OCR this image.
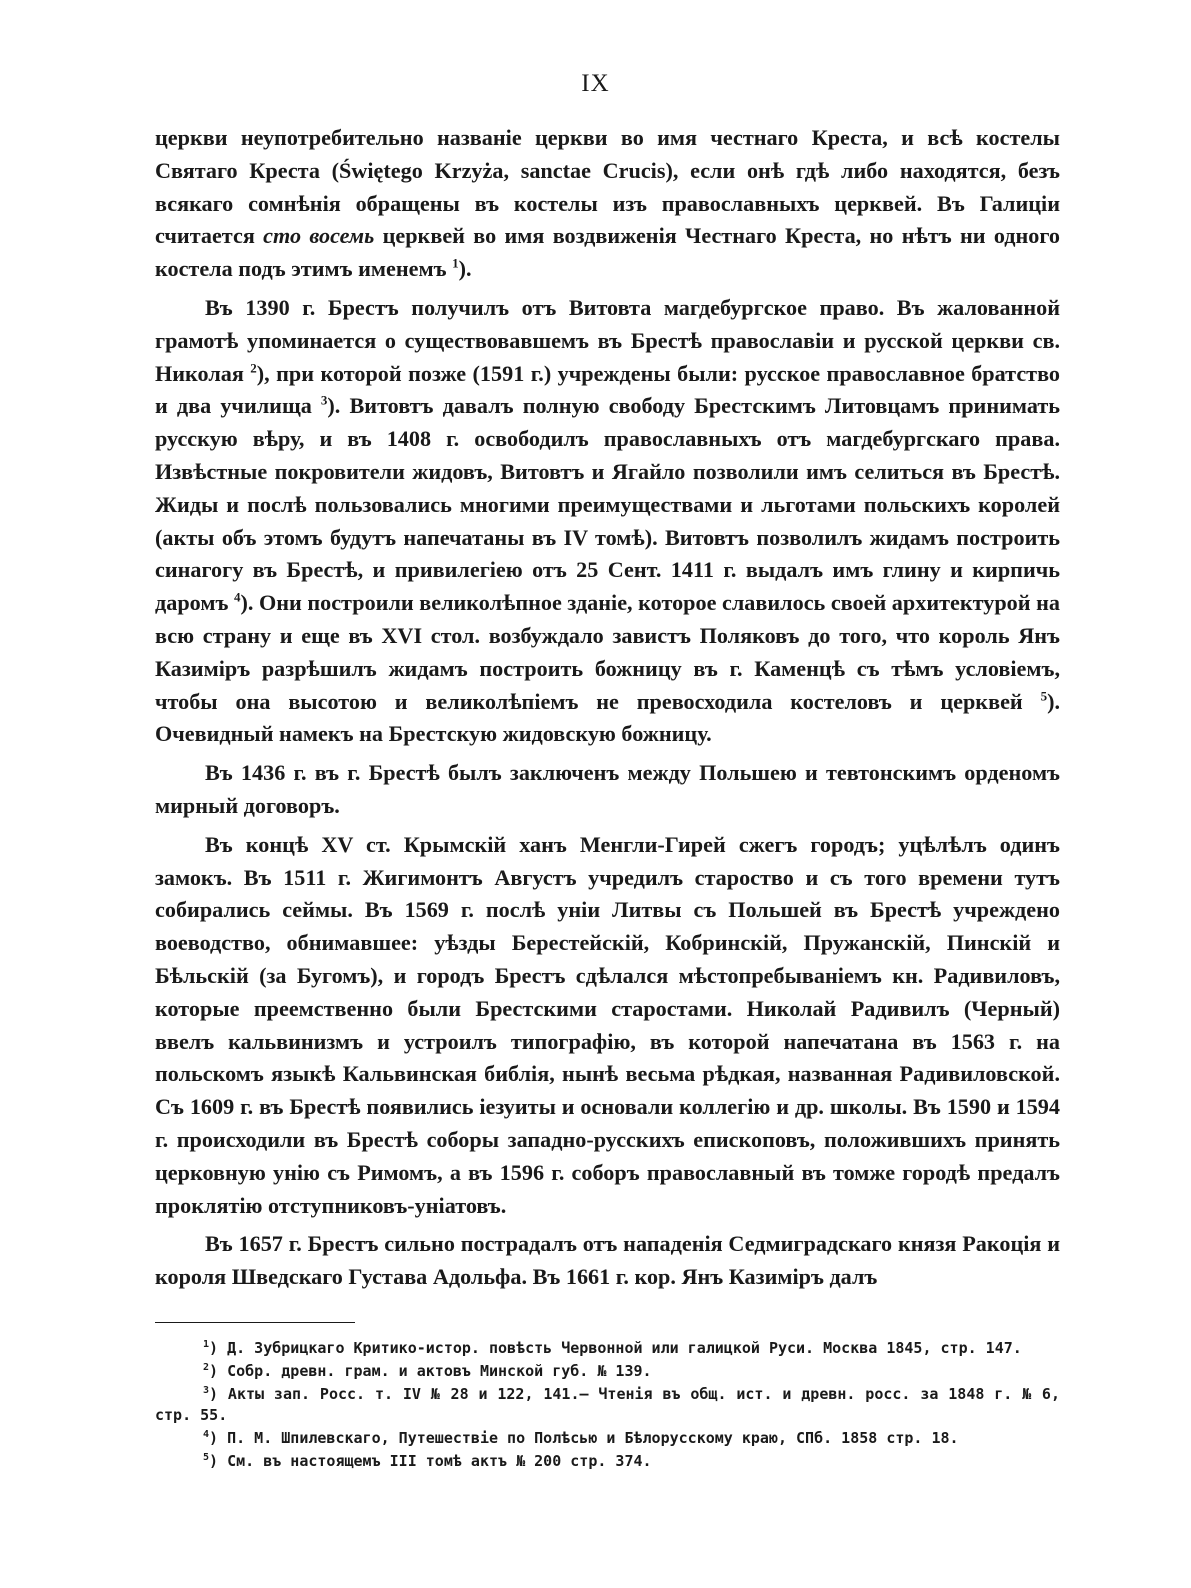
IX

церкви неупотребительно названіе церкви во имя честнаго Креста, и всѣ костелы Святаго Креста (Świętego Krzyża, sanctae Crucis), если онѣ гдѣ либо находятся, безъ всякаго сомнѣнія обращены въ костелы изъ православныхъ церквей. Въ Галиціи считается сто восемь церквей во имя воздвиженія Честнаго Креста, но нѣтъ ни одного костела подъ этимъ именемъ $^1$).

Въ 1390 г. Брестъ получилъ отъ Витовта магдебургское право. Въ жалованной грамотѣ упоминается о существовавшемъ въ Брестѣ православіи и русской церкви св. Николая $^2$), при которой позже (1591 г.) учреждены были: русское православное братство и два училища $^3$). Витовтъ давалъ полную свободу Брестскимъ Литовцамъ принимать русскую вѣру, и въ 1408 г. освободилъ православныхъ отъ магдебургскаго права. Извѣстные покровители жидовъ, Витовтъ и Ягайло позволили имъ селиться въ Брестѣ. Жиды и послѣ пользовались многими преимуществами и льготами польскихъ королей (акты объ этомъ будутъ напечатаны въ IV томѣ). Витовтъ позволилъ жидамъ построить синагогу въ Брестѣ, и привилегіею отъ 25 Сент. 1411 г. выдалъ имъ глину и кирпичь даромъ $^4$). Они построили великолѣпное зданіе, которое славилось своей архитектурой на всю страну и еще въ XVI стол. возбуждало завистъ Поляковъ до того, что король Янъ Казиміръ разрѣшилъ жидамъ построить божницу въ г. Каменцѣ съ тѣмъ условіемъ, чтобы она высотою и великолѣпіемъ не превосходила костеловъ и церквей $^5$). Очевидный намекъ на Брестскую жидовскую божницу.

Въ 1436 г. въ г. Брестѣ былъ заключенъ между Польшею и тевтонскимъ орденомъ мирный договоръ.

Въ концѣ XV ст. Крымскій ханъ Менгли-Гирей сжегъ городъ; уцѣлѣлъ одинъ замокъ. Въ 1511 г. Жигимонтъ Августъ учредилъ староство и съ того времени тутъ собирались сеймы. Въ 1569 г. послѣ уніи Литвы съ Польшей въ Брестѣ учреждено воеводство, обнимавшее: уѣзды Берестейскій, Кобринскій, Пружанскій, Пинскій и Бѣльскій (за Бугомъ), и городъ Брестъ сдѣлался мѣстопребываніемъ кн. Радивиловъ, которые преемственно были Брестскими старостами. Николай Радивилъ (Черный) ввелъ кальвинизмъ и устроилъ типографію, въ которой напечатана въ 1563 г. на польскомъ языкѣ Кальвинская библія, нынѣ весьма рѣдкая, названная Радивиловской. Съ 1609 г. въ Брестѣ появились іезуиты и основали коллегію и др. школы. Въ 1590 и 1594 г. происходили въ Брестѣ соборы западно-русскихъ епископовъ, положившихъ принять церковную унію съ Римомъ, а въ 1596 г. соборъ православный въ томже городѣ предалъ проклятію отступниковъ-уніатовъ.

Въ 1657 г. Брестъ сильно пострадалъ отъ нападенія Седмиградскаго князя Ракоція и короля Шведскаго Густава Адольфа. Въ 1661 г. кор. Янъ Казиміръ далъ

$^1$) Д. Зубрицкаго Критико-истор. повѣсть Червонной или галицкой Руси. Москва 1845, стр. 147.

$^2$) Собр. древн. грам. и актовъ Минской губ. № 139.

$^3$) Акты зап. Росс. т. IV № 28 и 122, 141.— Чтенія въ общ. ист. и древн. росс. за 1848 г. № 6, стр. 55.

$^4$) П. М. Шпилевскаго, Путешествіе по Полѣсью и Бѣлорусскому краю, СПб. 1858 стр. 18.

$^5$) См. въ настоящемъ III томѣ актъ № 200 стр. 374.
